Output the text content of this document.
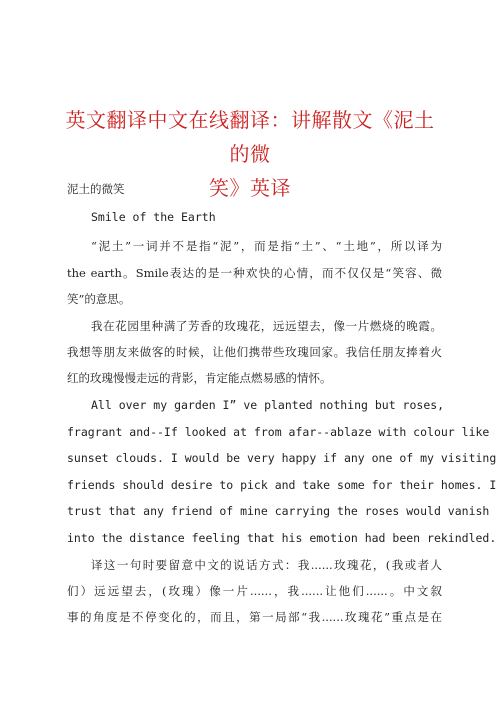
英文翻译中文在线翻译：讲解散文《泥土的微
笑》英译

泥土的微笑

Smile of the Earth

“泥土”一词并不是指“泥”，而是指“土”、“土地”，所以译为

the earth。Smile表达的是一种欢快的心情，而不仅仅是“笑容、微

笑”的意思。

我在花园里种满了芳香的玫瑰花，远远望去，像一片燃烧的晚霞。

我想等朋友来做客的时候，让他们携带些玫瑰回家。我信任朋友捧着火

红的玫瑰慢慢走远的背影，肯定能点燃易感的情怀。

All over my garden I” ve planted nothing but roses,

fragrant and--If looked at from afar--ablaze with colour like

sunset clouds. I would be very happy if any one of my visiting

friends should desire to pick and take some for their homes. I

trust that any friend of mine carrying the roses would vanish

into the distance feeling that his emotion had been rekindled.

译这一句时要留意中文的说话方式：我......玫瑰花，(我或者人

们）远远望去，(玫瑰）像一片......，我......让他们......。中文叙

事的角度是不停变化的，而且，第一局部“我......玫瑰花”重点是在
